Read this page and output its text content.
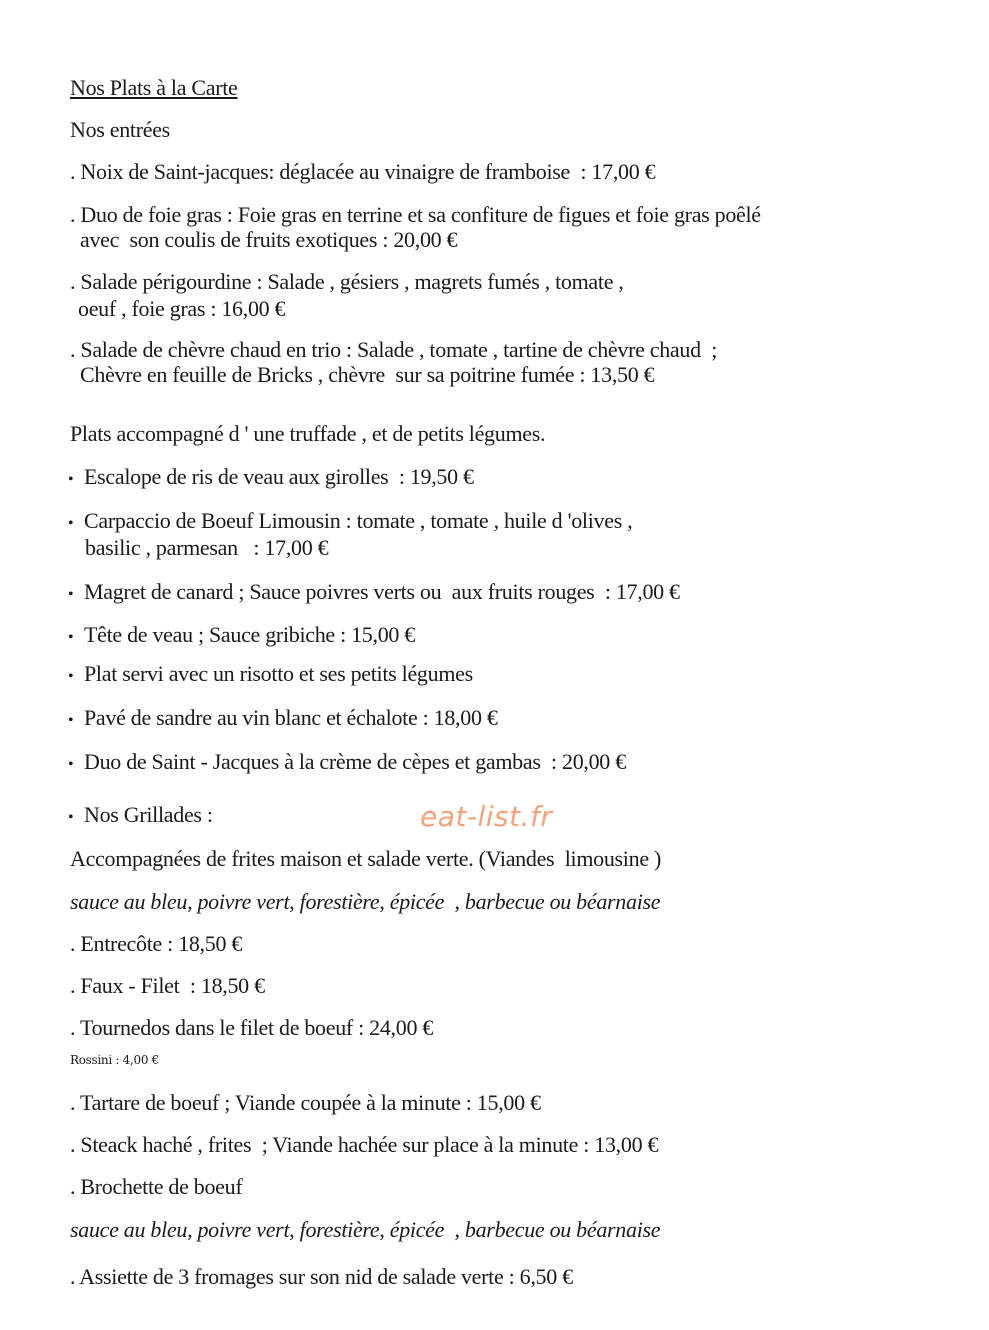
Nos Plats à la Carte
Nos entrées
. Noix de Saint-jacques: déglacée au vinaigre de framboise  : 17,00 €
. Duo de foie gras : Foie gras en terrine et sa confiture de figues et foie gras poêlé
avec  son coulis de fruits exotiques : 20,00 €
. Salade périgourdine : Salade , gésiers , magrets fumés , tomate ,
oeuf , foie gras : 16,00 €
. Salade de chèvre chaud en trio : Salade , tomate , tartine de chèvre chaud  ;
Chèvre en feuille de Bricks , chèvre  sur sa poitrine fumée : 13,50 €
Plats accompagné d ' une truffade , et de petits légumes.
• Escalope de ris de veau aux girolles  : 19,50 €
• Carpaccio de Boeuf Limousin : tomate , tomate , huile d 'olives ,
basilic , parmesan   : 17,00 €
• Magret de canard ; Sauce poivres verts ou  aux fruits rouges  : 17,00 €
• Tête de veau ; Sauce gribiche : 15,00 €
• Plat servi avec un risotto et ses petits légumes
• Pavé de sandre au vin blanc et échalote : 18,00 €
• Duo de Saint - Jacques à la crème de cèpes et gambas  : 20,00 €
• Nos Grillades :	eat-list.fr
Accompagnées de frites maison et salade verte. (Viandes  limousine )
sauce au bleu, poivre vert, forestière, épicée  , barbecue ou béarnaise
. Entrecôte : 18,50 €
. Faux - Filet  : 18,50 €
. Tournedos dans le filet de boeuf : 24,00 €
Rossini : 4,00 €
. Tartare de boeuf ; Viande coupée à la minute : 15,00 €
. Steack haché , frites  ; Viande hachée sur place à la minute : 13,00 €
. Brochette de boeuf
sauce au bleu, poivre vert, forestière, épicée  , barbecue ou béarnaise
. Assiette de 3 fromages sur son nid de salade verte : 6,50 €
